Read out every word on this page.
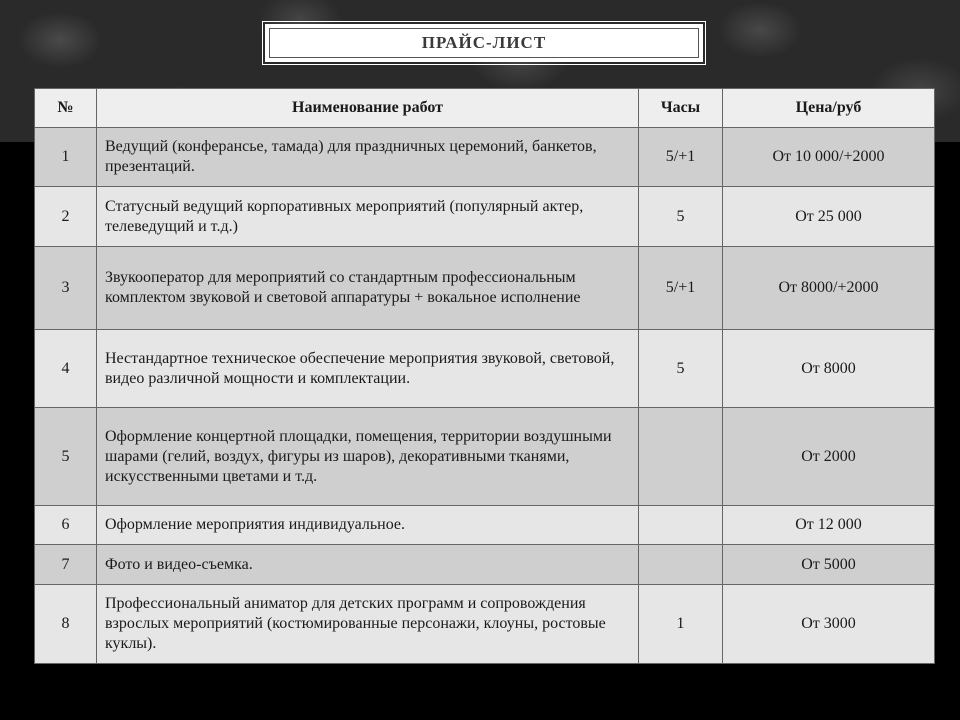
ПРАЙС-ЛИСТ
№	Наименование работ	Часы	Цена/руб
1	Ведущий (конферансье, тамада) для праздничных церемоний, банкетов, презентаций.	5/+1	От 10 000/+2000
2	Статусный ведущий корпоративных мероприятий (популярный актер, телеведущий и т.д.)	5	От 25 000
3	Звукооператор для мероприятий со стандартным профессиональным комплектом звуковой и световой аппаратуры + вокальное исполнение	5/+1	От 8000/+2000
4	Нестандартное техническое обеспечение мероприятия звуковой, световой, видео различной мощности и комплектации.	5	От 8000
5	Оформление концертной площадки, помещения, территории воздушными шарами (гелий, воздух, фигуры из шаров), декоративными тканями, искусственными цветами и т.д.		От 2000
6	Оформление мероприятия индивидуальное.		От 12 000
7	Фото и видео-съемка.		От 5000
8	Профессиональный аниматор для детских программ и сопровождения взрослых мероприятий (костюмированные персонажи, клоуны, ростовые куклы).	1	От 3000
